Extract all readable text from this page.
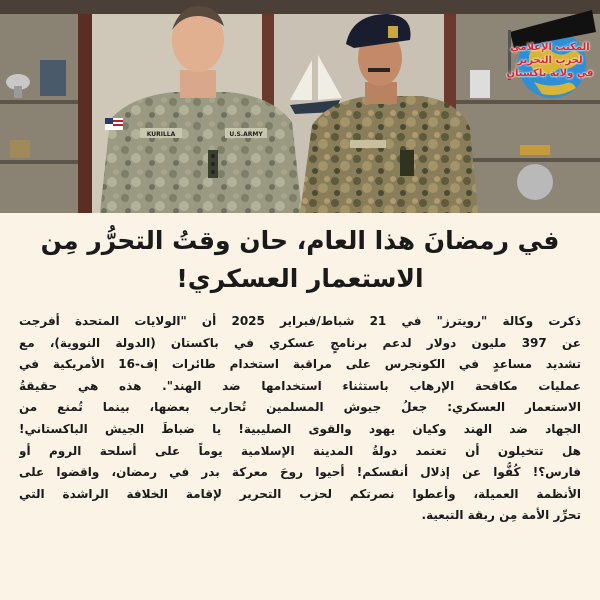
KURILLA	U.S.ARMY
المكتب الإعلامي
لحزب التحرير
في ولاية باكستان
في رمضانَ هذا العام، حان وقتُ التحرُّر مِن
الاستعمار العسكري!
ذكرت وكالة "رويترز" في 21 شباط/فبراير 2025 أن "الولايات المتحدة أفرجت
عن 397 مليون دولار لدعم برنامجٍ عسكري في باكستان (الدولة النووية)، مع
تشديد مساعدٍ في الكونجرس على مراقبة استخدام طائرات إف-16 الأمريكية في
عمليات مكافحة الإرهاب باستثناء استخدامها ضد الهند". هذه هي حقيقةُ
الاستعمار العسكري: جعلُ جيوش المسلمين تُحارب بعضها، بينما تُمنع من
الجهاد ضد الهند وكيان يهود والقوى الصليبية! يا ضباطَ الجيش الباكستاني!
هل تتخيلون أن تعتمد دولةُ المدينة الإسلامية يوماً على أسلحة الروم أو
فارس؟! كُفُّوا عن إذلال أنفسكم! أحيوا روحَ معركة بدر في رمضان، واقضوا على
الأنظمة العميلة، وأعطوا نصرتكم لحزب التحرير لإقامة الخلافة الراشدة التي
تحرِّر الأمة مِن ربقة التبعية.
